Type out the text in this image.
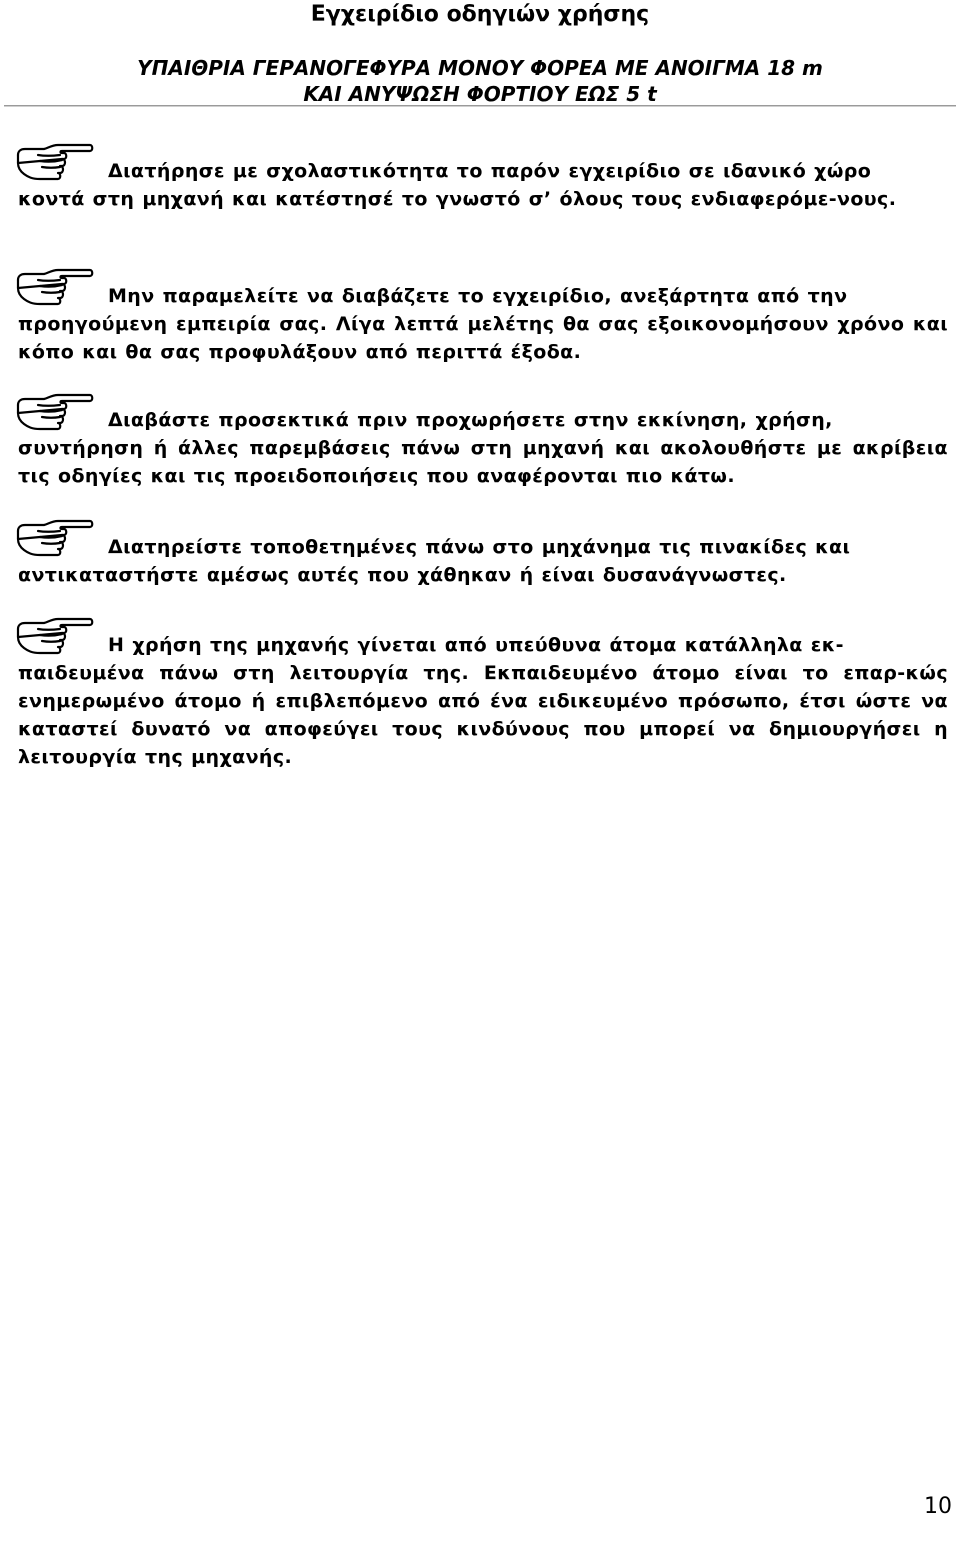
Εγχειρίδιο οδηγιών χρήσης
ΥΠΑΙΘΡΙΑ ΓΕΡΑΝΟΓΕΦΥΡΑ ΜΟΝΟΥ ΦΟΡΕΑ ΜΕ ΑΝΟΙΓΜΑ 18 m
ΚΑΙ ΑΝΥΨΩΣΗ ΦΟΡΤΙΟΥ ΕΩΣ 5 t

Διατήρησε με σχολαστικότητα το παρόν εγχειρίδιο σε ιδανικό χώρο
κοντά στη μηχανή και κατέστησέ το γνωστό σ’ όλους τους ενδιαφερόμε-νους.

Μην παραμελείτε να διαβάζετε το εγχειρίδιο, ανεξάρτητα από την
προηγούμενη εμπειρία σας. Λίγα λεπτά μελέτης θα σας εξοικονομήσουν χρόνο και κόπο και θα σας προφυλάξουν από περιττά έξοδα.

Διαβάστε προσεκτικά πριν προχωρήσετε στην εκκίνηση, χρήση,
συντήρηση ή άλλες παρεμβάσεις πάνω στη μηχανή και ακολουθήστε με ακρίβεια τις οδηγίες και τις προειδοποιήσεις που αναφέρονται πιο κάτω.

Διατηρείστε τοποθετημένες πάνω στο μηχάνημα τις πινακίδες και
αντικαταστήστε αμέσως αυτές που χάθηκαν ή είναι δυσανάγνωστες.

Η χρήση της μηχανής γίνεται από υπεύθυνα άτομα κατάλληλα εκ-
παιδευμένα πάνω στη λειτουργία της. Εκπαιδευμένο άτομο είναι το επαρ-κώς ενημερωμένο άτομο ή επιβλεπόμενο από ένα ειδικευμένο πρόσωπο, έτσι ώστε να καταστεί δυνατό να αποφεύγει τους κινδύνους που μπορεί να δημιουργήσει η λειτουργία της μηχανής.

10
